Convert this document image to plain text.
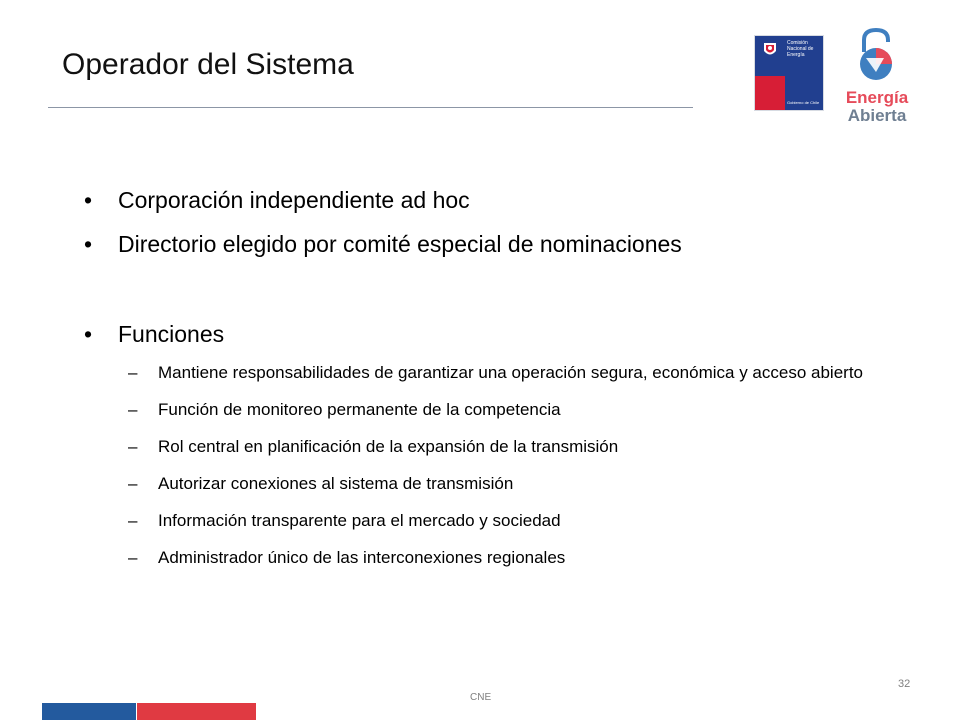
Operador del Sistema
Comisión
Nacional de
Energía
Gobierno de Chile	Energía
Abierta
• Corporación independiente ad hoc
• Directorio elegido por comité especial de nominaciones
• Funciones
– Mantiene responsabilidades de garantizar una operación segura, económica y acceso abierto
– Función de monitoreo permanente de la competencia
– Rol central en planificación de la expansión de la transmisión
– Autorizar conexiones al sistema de transmisión
– Información transparente para el mercado y sociedad
– Administrador único de las interconexiones regionales
CNE
32
